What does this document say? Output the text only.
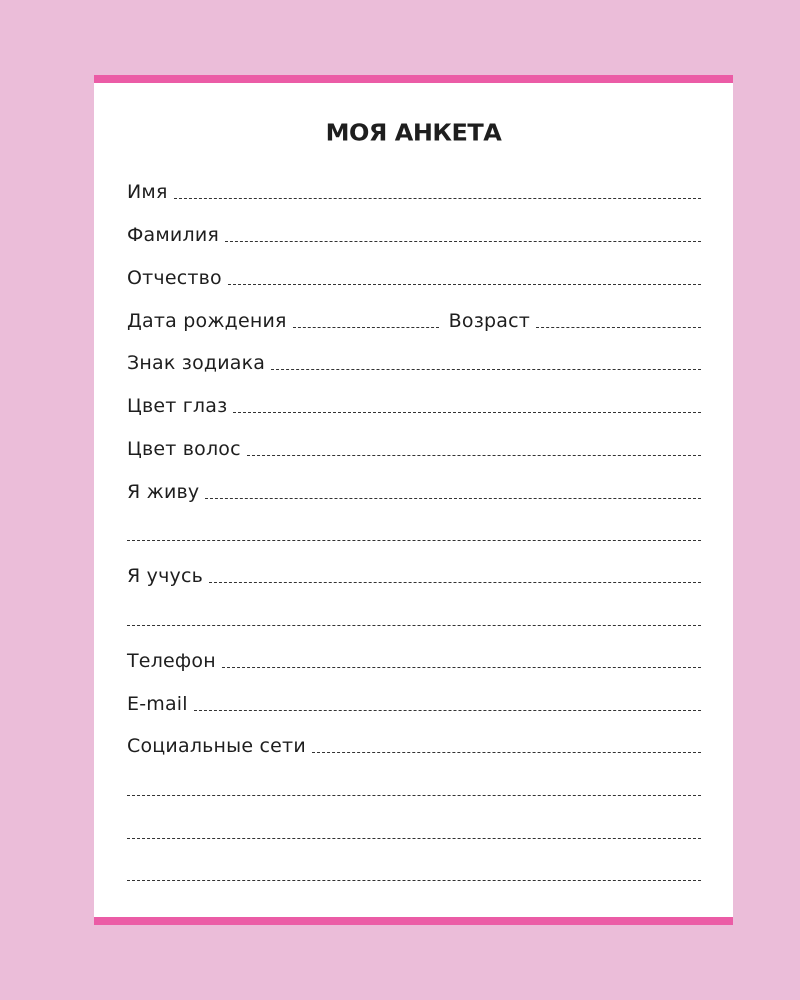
МОЯ АНКЕТА
Имя
Фамилия
Отчество
Дата рождения	Возраст
Знак зодиака
Цвет глаз
Цвет волос
Я живу
Я учусь
Телефон
E-mail
Социальные сети
